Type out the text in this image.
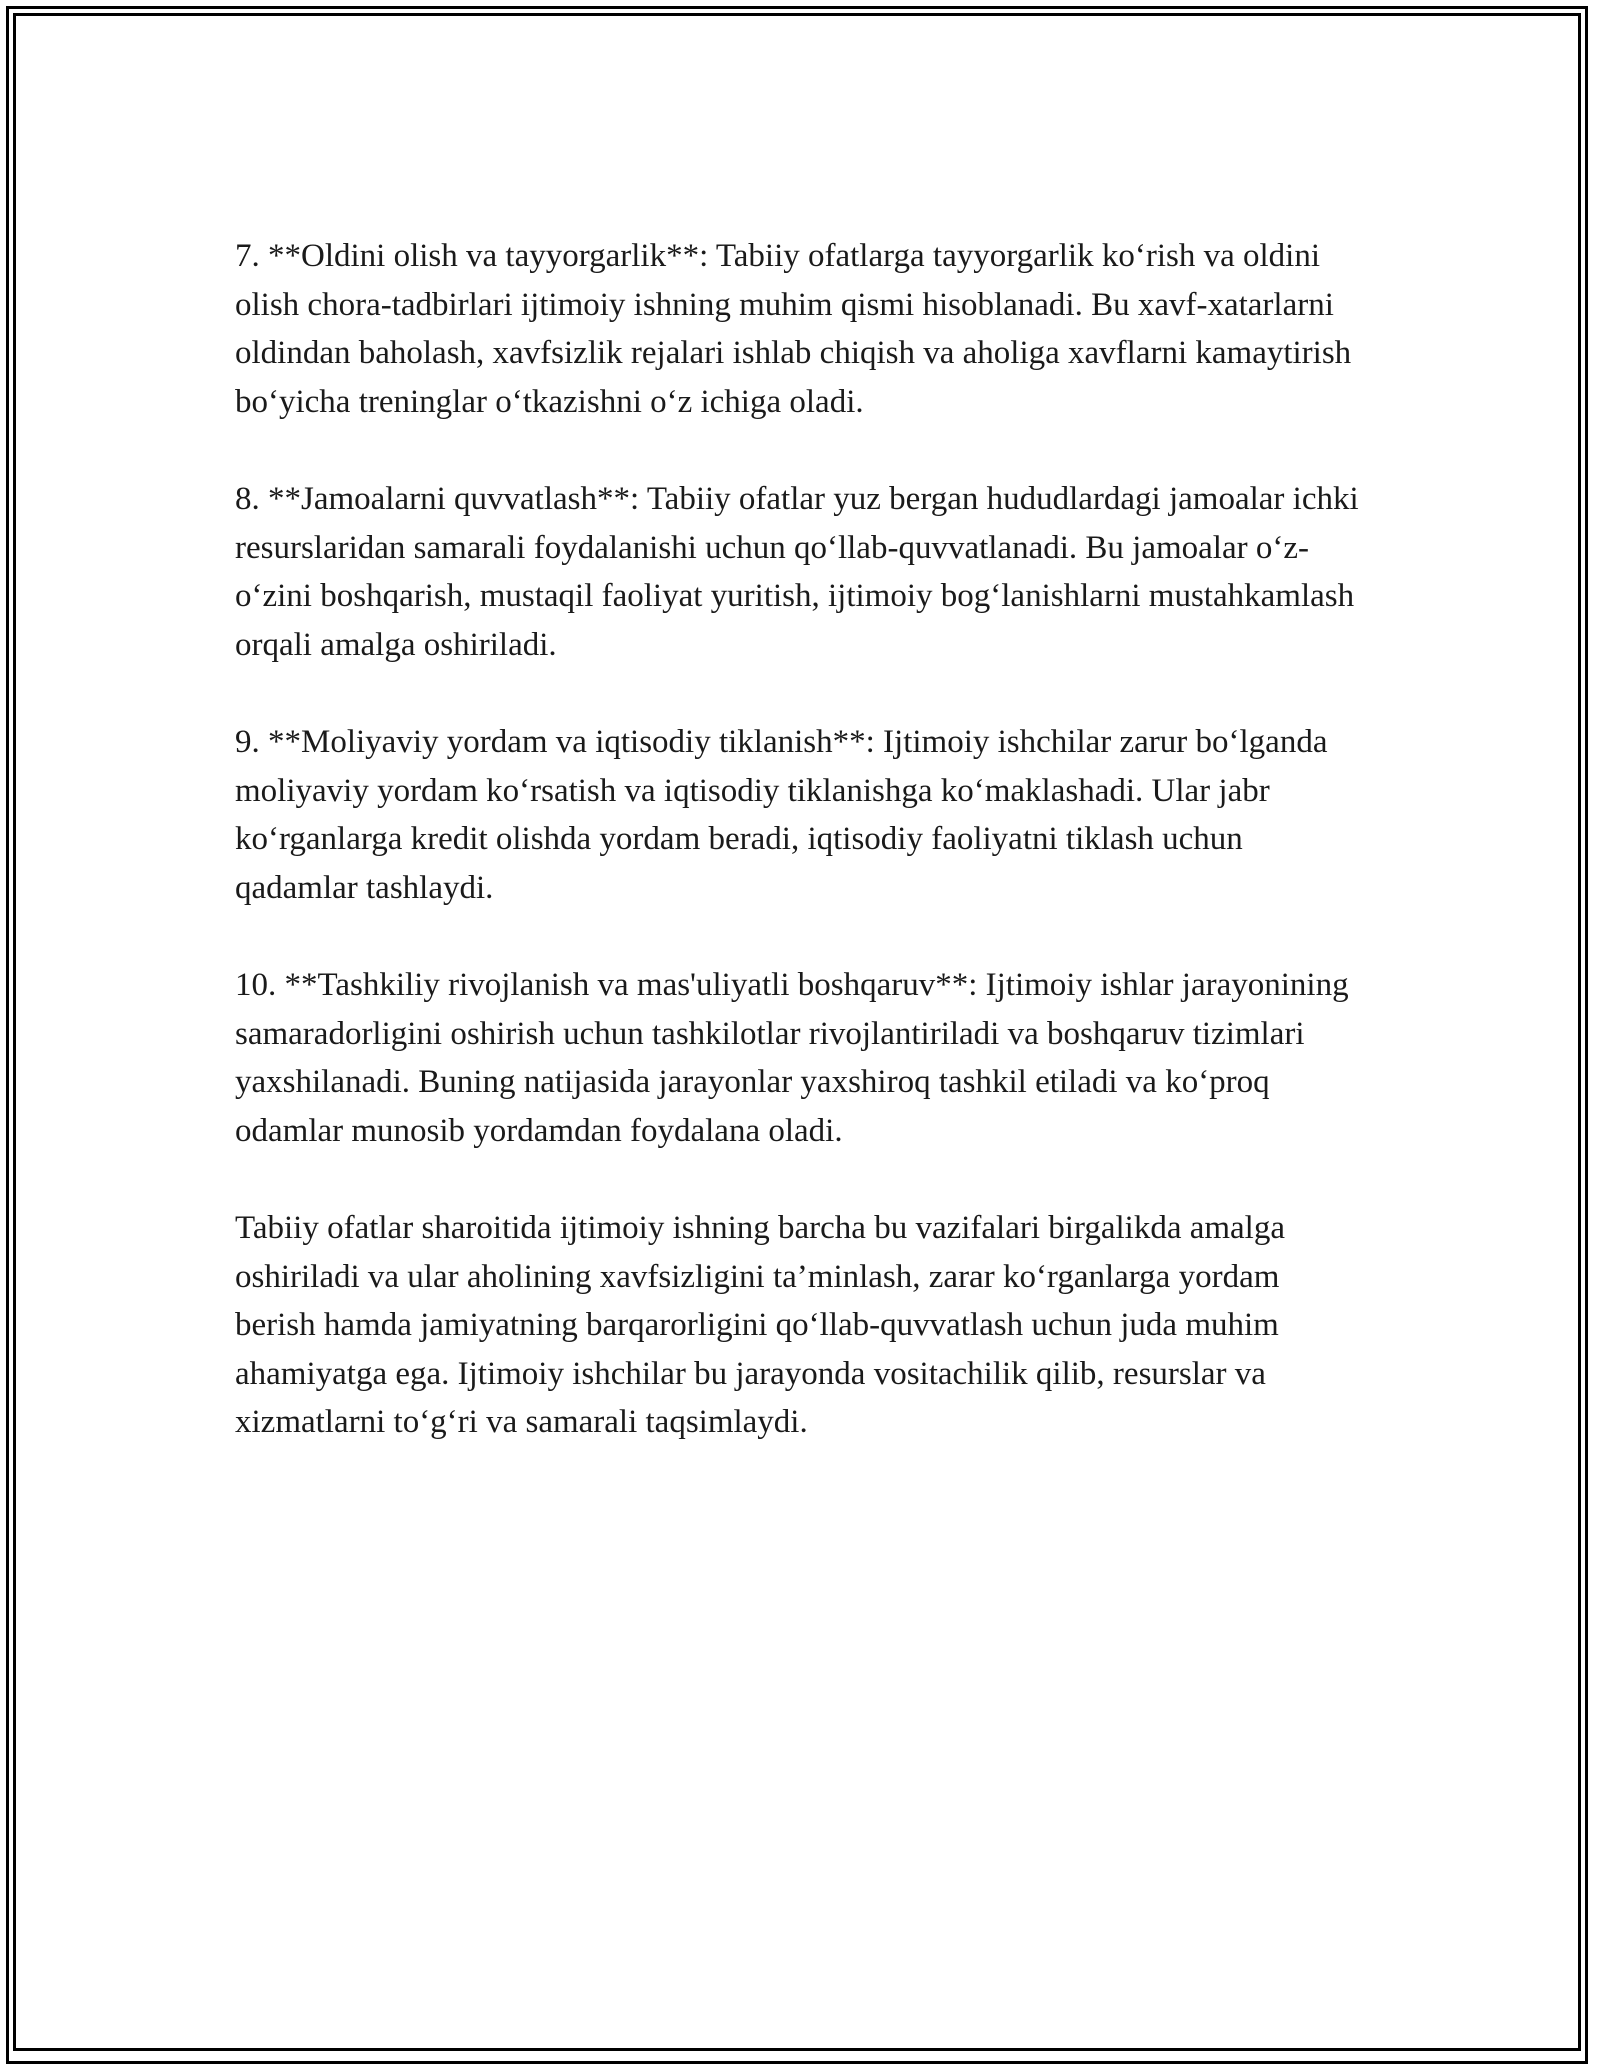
7. **Oldini olish va tayyorgarlik**: Tabiiy ofatlarga tayyorgarlik ko‘rish va oldini olish chora-tadbirlari ijtimoiy ishning muhim qismi hisoblanadi. Bu xavf-xatarlarni oldindan baholash, xavfsizlik rejalari ishlab chiqish va aholiga xavflarni kamaytirish bo‘yicha treninglar o‘tkazishni o‘z ichiga oladi.

8. **Jamoalarni quvvatlash**: Tabiiy ofatlar yuz bergan hududlardagi jamoalar ichki resurslaridan samarali foydalanishi uchun qo‘llab-quvvatlanadi. Bu jamoalar o‘z-o‘zini boshqarish, mustaqil faoliyat yuritish, ijtimoiy bog‘lanishlarni mustahkamlash orqali amalga oshiriladi.

9. **Moliyaviy yordam va iqtisodiy tiklanish**: Ijtimoiy ishchilar zarur bo‘lganda moliyaviy yordam ko‘rsatish va iqtisodiy tiklanishga ko‘maklashadi. Ular jabr ko‘rganlarga kredit olishda yordam beradi, iqtisodiy faoliyatni tiklash uchun qadamlar tashlaydi.

10. **Tashkiliy rivojlanish va mas'uliyatli boshqaruv**: Ijtimoiy ishlar jarayonining samaradorligini oshirish uchun tashkilotlar rivojlantiriladi va boshqaruv tizimlari yaxshilanadi. Buning natijasida jarayonlar yaxshiroq tashkil etiladi va ko‘proq odamlar munosib yordamdan foydalana oladi.

Tabiiy ofatlar sharoitida ijtimoiy ishning barcha bu vazifalari birgalikda amalga oshiriladi va ular aholining xavfsizligini ta’minlash, zarar ko‘rganlarga yordam berish hamda jamiyatning barqarorligini qo‘llab-quvvatlash uchun juda muhim ahamiyatga ega. Ijtimoiy ishchilar bu jarayonda vositachilik qilib, resurslar va xizmatlarni to‘g‘ri va samarali taqsimlaydi.
